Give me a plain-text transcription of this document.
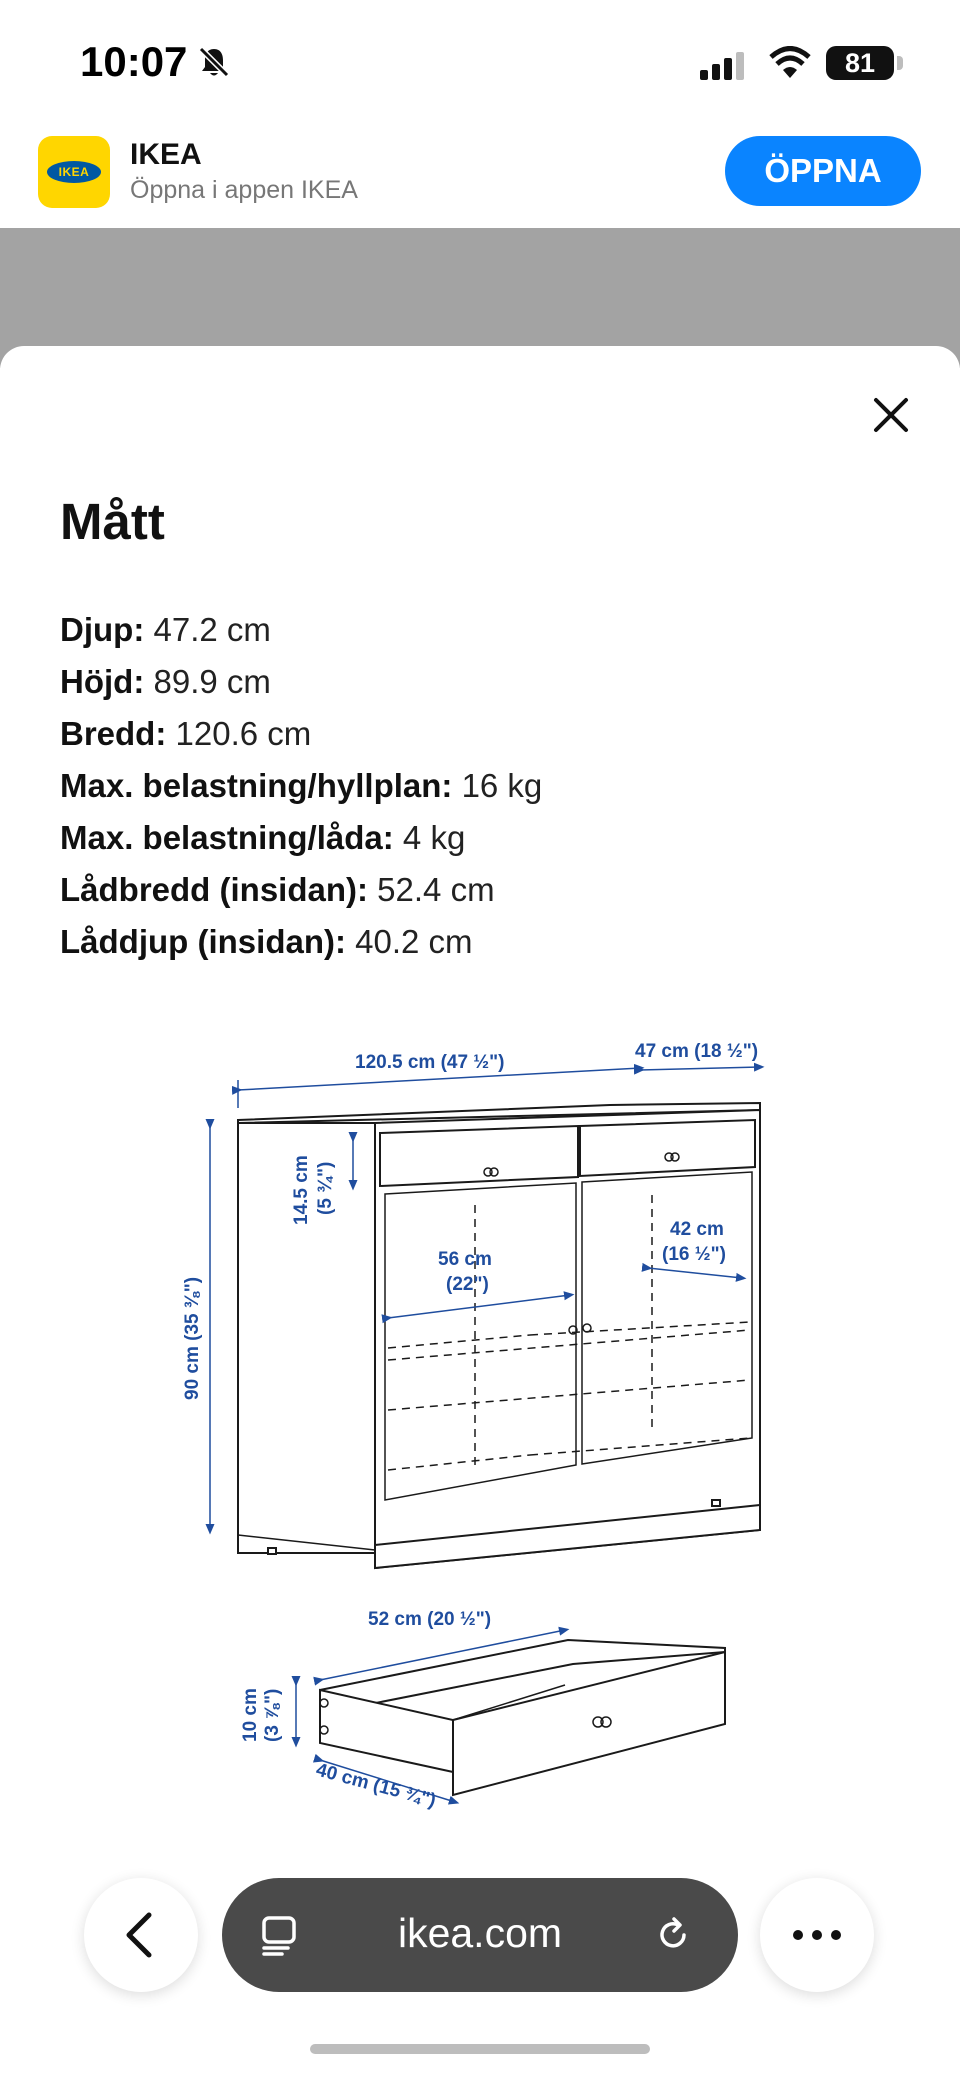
10:07	81
IKEA
IKEA
Öppna i appen IKEA
ÖPPNA
Mått
Djup: 47.2 cm
Höjd: 89.9 cm
Bredd: 120.6 cm
Max. belastning/hyllplan: 16 kg
Max. belastning/låda: 4 kg
Lådbredd (insidan): 52.4 cm
Låddjup (insidan): 40.2 cm
120.5 cm (47 ½")
47 cm (18 ½")
90 cm (35 ⅜")
14.5 cm (5 ¾")
56 cm
(22")
42 cm
(16 ½")
52 cm (20 ½")
10 cm (3 ⅞")
40 cm (15 ¾")
ikea.com
